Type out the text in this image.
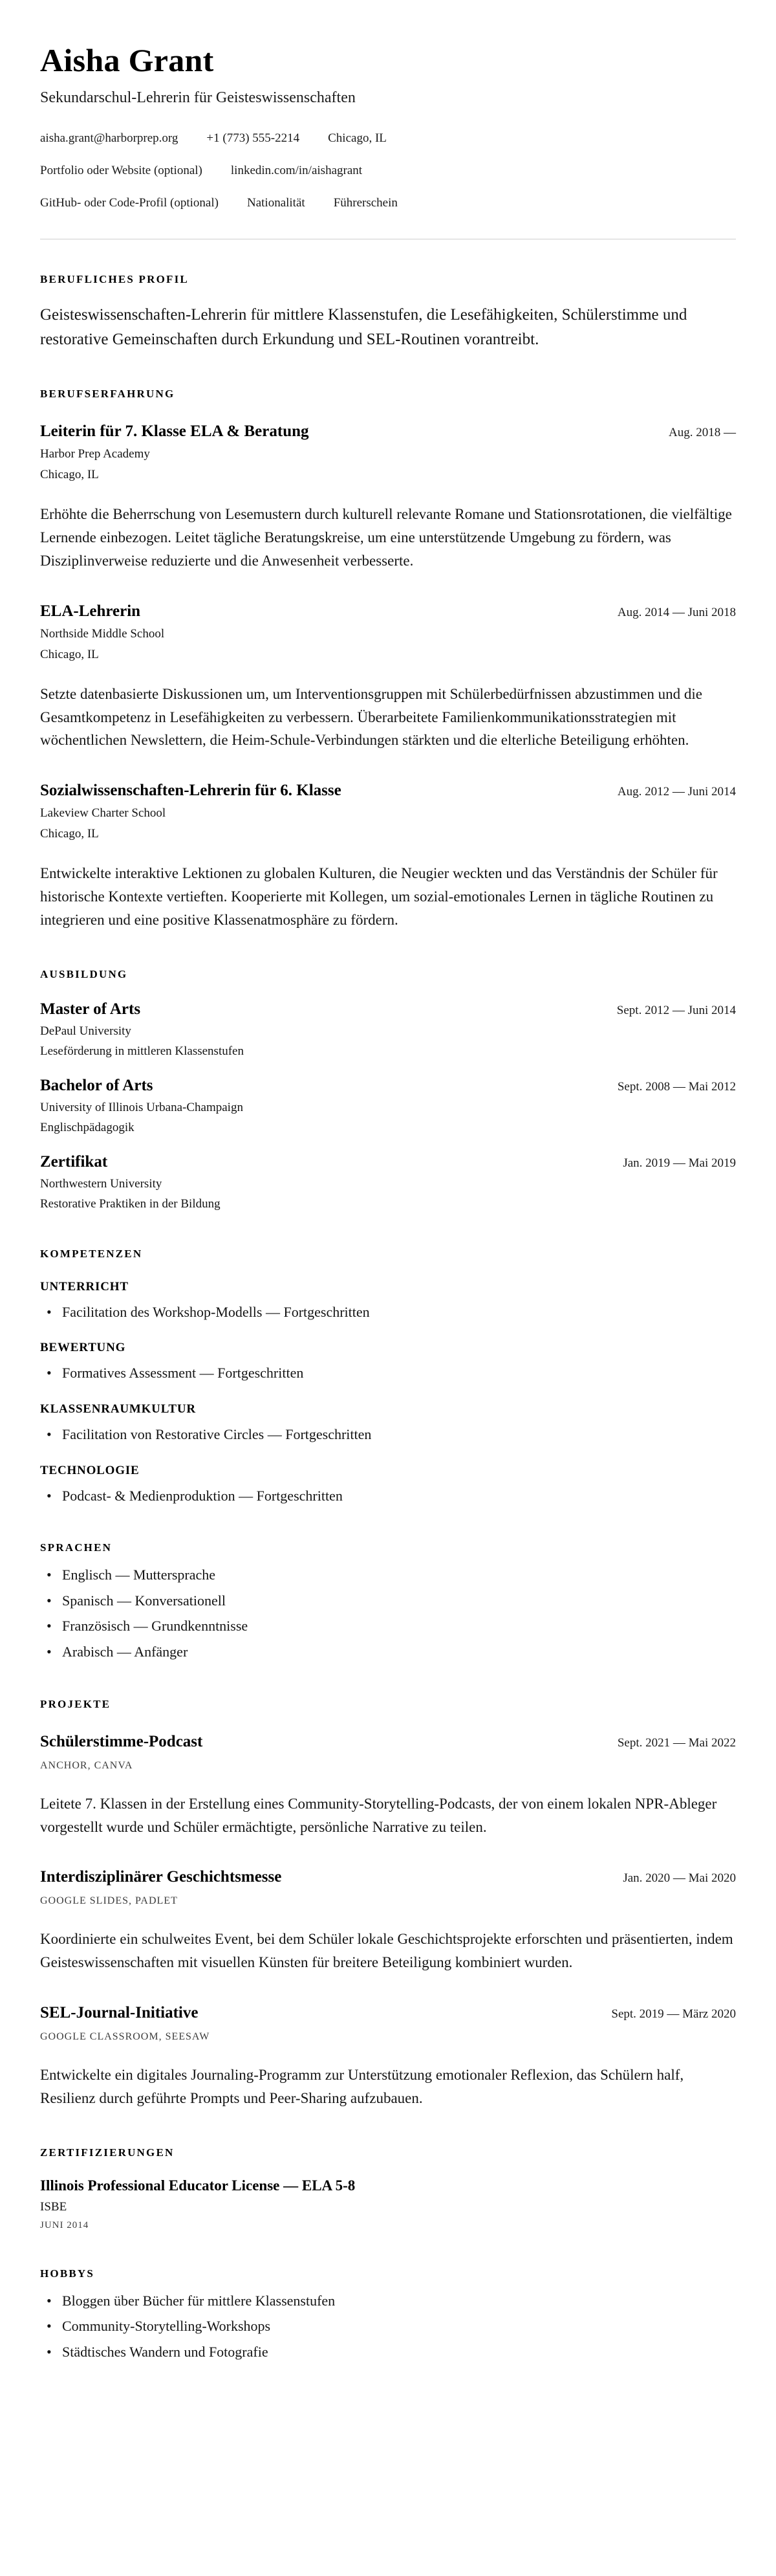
Aisha Grant
Sekundarschul-Lehrerin für Geisteswissenschaften
aisha.grant@harborprep.org +1 (773) 555-2214 Chicago, IL
Portfolio oder Website (optional) linkedin.com/in/aishagrant
GitHub- oder Code-Profil (optional) Nationalität Führerschein
BERUFLICHES PROFIL

Geisteswissenschaften-Lehrerin für mittlere Klassenstufen, die Lesefähigkeiten, Schülerstimme und restorative Gemeinschaften durch Erkundung und SEL-Routinen vorantreibt.

BERUFSERFAHRUNG
Leiterin für 7. Klasse ELA & Beratung	Aug. 2018 —
Harbor Prep Academy
Chicago, IL

Erhöhte die Beherrschung von Lesemustern durch kulturell relevante Romane und Stationsrotationen, die vielfältige Lernende einbezogen. Leitet tägliche Beratungskreise, um eine unterstützende Umgebung zu fördern, was Disziplinverweise reduzierte und die Anwesenheit verbesserte.

ELA-Lehrerin	Aug. 2014 — Juni 2018
Northside Middle School
Chicago, IL

Setzte datenbasierte Diskussionen um, um Interventionsgruppen mit Schülerbedürfnissen abzustimmen und die Gesamtkompetenz in Lesefähigkeiten zu verbessern. Überarbeitete Familienkommunikationsstrategien mit wöchentlichen Newslettern, die Heim-Schule-Verbindungen stärkten und die elterliche Beteiligung erhöhten.

Sozialwissenschaften-Lehrerin für 6. Klasse	Aug. 2012 — Juni 2014
Lakeview Charter School
Chicago, IL

Entwickelte interaktive Lektionen zu globalen Kulturen, die Neugier weckten und das Verständnis der Schüler für historische Kontexte vertieften. Kooperierte mit Kollegen, um sozial-emotionales Lernen in tägliche Routinen zu integrieren und eine positive Klassenatmosphäre zu fördern.

AUSBILDUNG
Master of Arts	Sept. 2012 — Juni 2014
DePaul University
Leseförderung in mittleren Klassenstufen
Bachelor of Arts	Sept. 2008 — Mai 2012
University of Illinois Urbana-Champaign
Englischpädagogik
Zertifikat	Jan. 2019 — Mai 2019
Northwestern University
Restorative Praktiken in der Bildung
KOMPETENZEN
UNTERRICHT
• Facilitation des Workshop-Modells — Fortgeschritten
BEWERTUNG
• Formatives Assessment — Fortgeschritten
KLASSENRAUMKULTUR
• Facilitation von Restorative Circles — Fortgeschritten
TECHNOLOGIE
• Podcast- & Medienproduktion — Fortgeschritten
SPRACHEN
• Englisch — Muttersprache
• Spanisch — Konversationell
• Französisch — Grundkenntnisse
• Arabisch — Anfänger
PROJEKTE
Schülerstimme-Podcast	Sept. 2021 — Mai 2022
ANCHOR, CANVA

Leitete 7. Klassen in der Erstellung eines Community-Storytelling-Podcasts, der von einem lokalen NPR-Ableger vorgestellt wurde und Schüler ermächtigte, persönliche Narrative zu teilen.

Interdisziplinärer Geschichtsmesse	Jan. 2020 — Mai 2020
GOOGLE SLIDES, PADLET

Koordinierte ein schulweites Event, bei dem Schüler lokale Geschichtsprojekte erforschten und präsentierten, indem Geisteswissenschaften mit visuellen Künsten für breitere Beteiligung kombiniert wurden.

SEL-Journal-Initiative	Sept. 2019 — März 2020
GOOGLE CLASSROOM, SEESAW

Entwickelte ein digitales Journaling-Programm zur Unterstützung emotionaler Reflexion, das Schülern half, Resilienz durch geführte Prompts und Peer-Sharing aufzubauen.

ZERTIFIZIERUNGEN
Illinois Professional Educator License — ELA 5-8
ISBE
JUNI 2014
HOBBYS
• Bloggen über Bücher für mittlere Klassenstufen
• Community-Storytelling-Workshops
• Städtisches Wandern und Fotografie
